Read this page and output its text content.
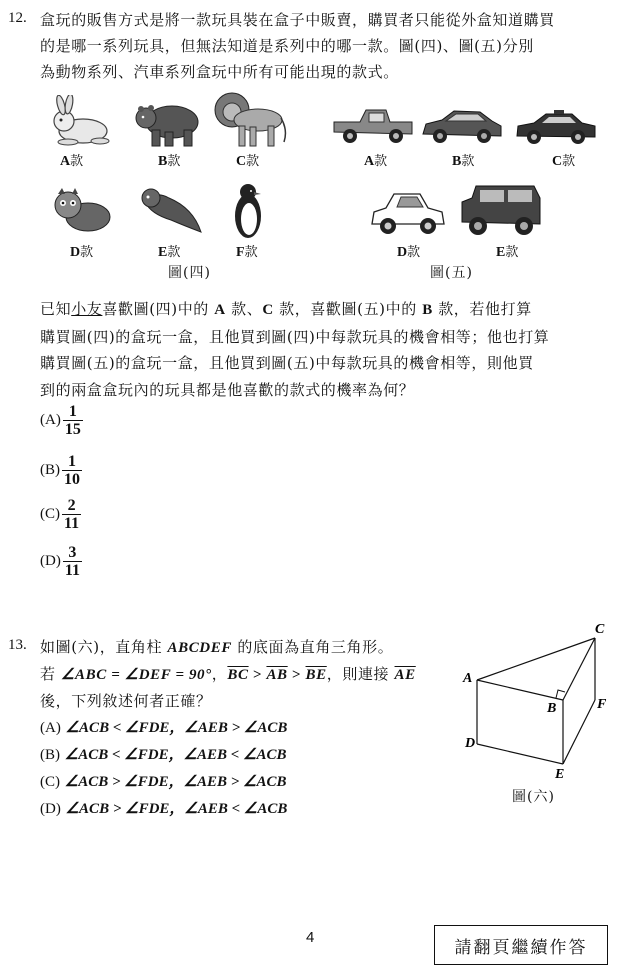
12. 盒玩的販售方式是將一款玩具裝在盒子中販賣，購買者只能從外盒知道購買
的是哪一系列玩具，但無法知道是系列中的哪一款。圖(四)、圖(五)分別
為動物系列、汽車系列盒玩中所有可能出現的款式。
A款	B款	C款
D款	E款	F款
圖(四)
A款	B款	C款
D款	E款
圖(五)
已知小友喜歡圖(四)中的 A 款、C 款，喜歡圖(五)中的 B 款，若他打算
購買圖(四)的盒玩一盒，且他買到圖(四)中每款玩具的機會相等；他也打算
購買圖(五)的盒玩一盒，且他買到圖(五)中每款玩具的機會相等，則他買
到的兩盒盒玩內的玩具都是他喜歡的款式的機率為何？
$(A) \frac{1}{15}$
$(B) \frac{1}{10}$
$(C) \frac{2}{11}$
$(D) \frac{3}{11}$
13. 如圖(六)，直角柱 ABCDEF 的底面為直角三角形。
若 ∠ABC = ∠DEF = 90°，$\overline{BC} > \overline{AB} > \overline{BE}$，則連接 $\overline{AE}$
後，下列敘述何者正確？
(A) ∠ACB < ∠FDE，∠AEB > ∠ACB
(B) ∠ACB < ∠FDE，∠AEB < ∠ACB
(C) ∠ACB > ∠FDE，∠AEB > ∠ACB
(D) ∠ACB > ∠FDE，∠AEB < ∠ACB
C
A
B	F
D
E
圖(六)
4	請翻頁繼續作答
